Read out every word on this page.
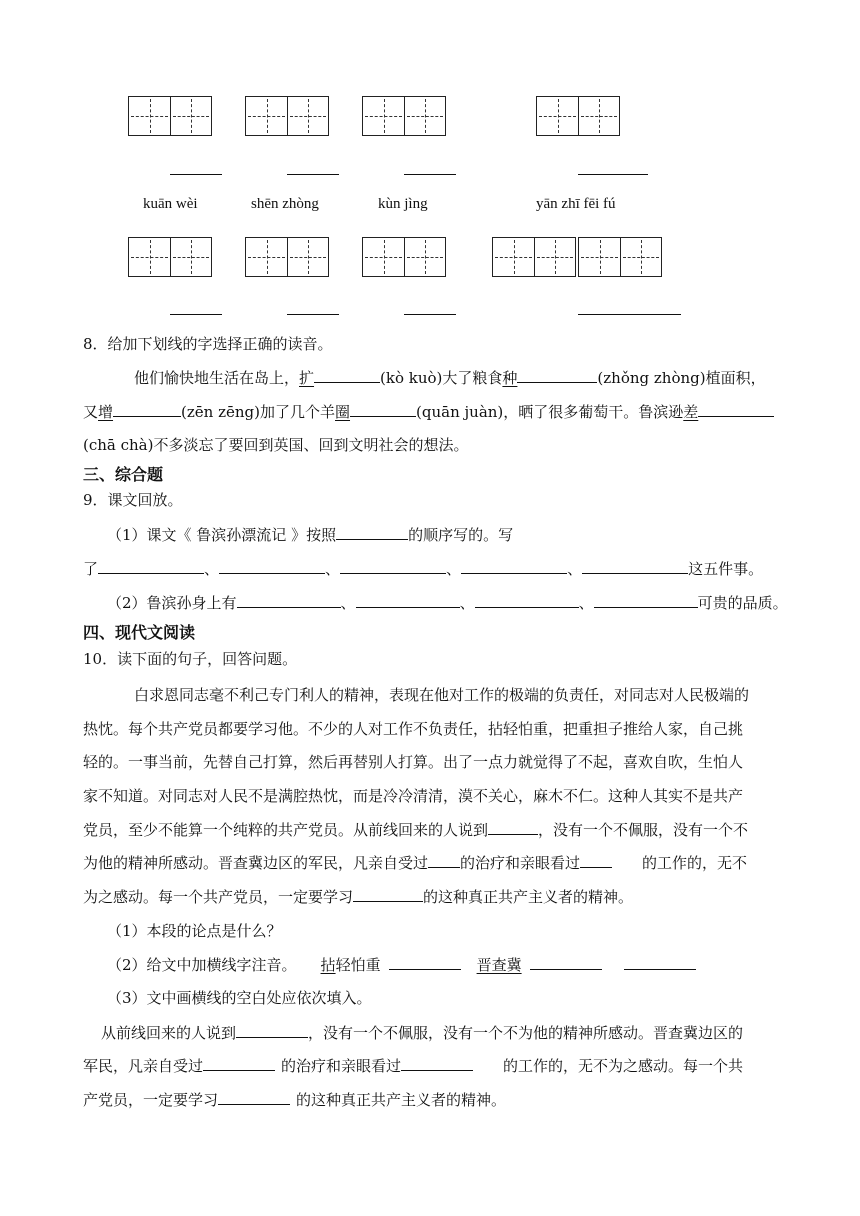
kuān wèi	shēn zhòng	kùn jìng	yān zhī fēi fú
8．给加下划线的字选择正确的读音。
他们愉快地生活在岛上，扩	(kò kuò)大了粮食种	(zhǒng zhòng)植面积，
又增	(zēn zēng)加了几个羊圈	(quān juàn)，晒了很多葡萄干。鲁滨逊差
(chā chà)不多淡忘了要回到英国、回到文明社会的想法。
三、综合题
9．课文回放。
（1）课文《 鲁滨孙漂流记 》按照	的顺序写的。写
了	、	、	、	、	这五件事。
（2）鲁滨孙身上有	、	、	、	可贵的品质。
四、现代文阅读
10．读下面的句子，回答问题。
白求恩同志毫不利己专门利人的精神，表现在他对工作的极端的负责任，对同志对人民极端的
热忱。每个共产党员都要学习他。不少的人对工作不负责任，拈轻怕重，把重担子推给人家，自己挑
轻的。一事当前，先替自己打算，然后再替别人打算。出了一点力就觉得了不起，喜欢自吹，生怕人
家不知道。对同志对人民不是满腔热忱，而是冷冷清清，漠不关心，麻木不仁。这种人其实不是共产
党员，至少不能算一个纯粹的共产党员。从前线回来的人说到	，没有一个不佩服，没有一个不
为他的精神所感动。晋查冀边区的军民，凡亲自受过 的治疗和亲眼看过	的工作的，无不
为之感动。每一个共产党员，一定要学习	的这种真正共产主义者的精神。
（1）本段的论点是什么？
（2）给文中加横线字注音。 拈轻怕重	晋查冀
（3）文中画横线的空白处应依次填入。
从前线回来的人说到	，没有一个不佩服，没有一个不为他的精神所感动。晋查冀边区的
军民，凡亲自受过	的治疗和亲眼看过	的工作的，无不为之感动。每一个共
产党员，一定要学习	的这种真正共产主义者的精神。
